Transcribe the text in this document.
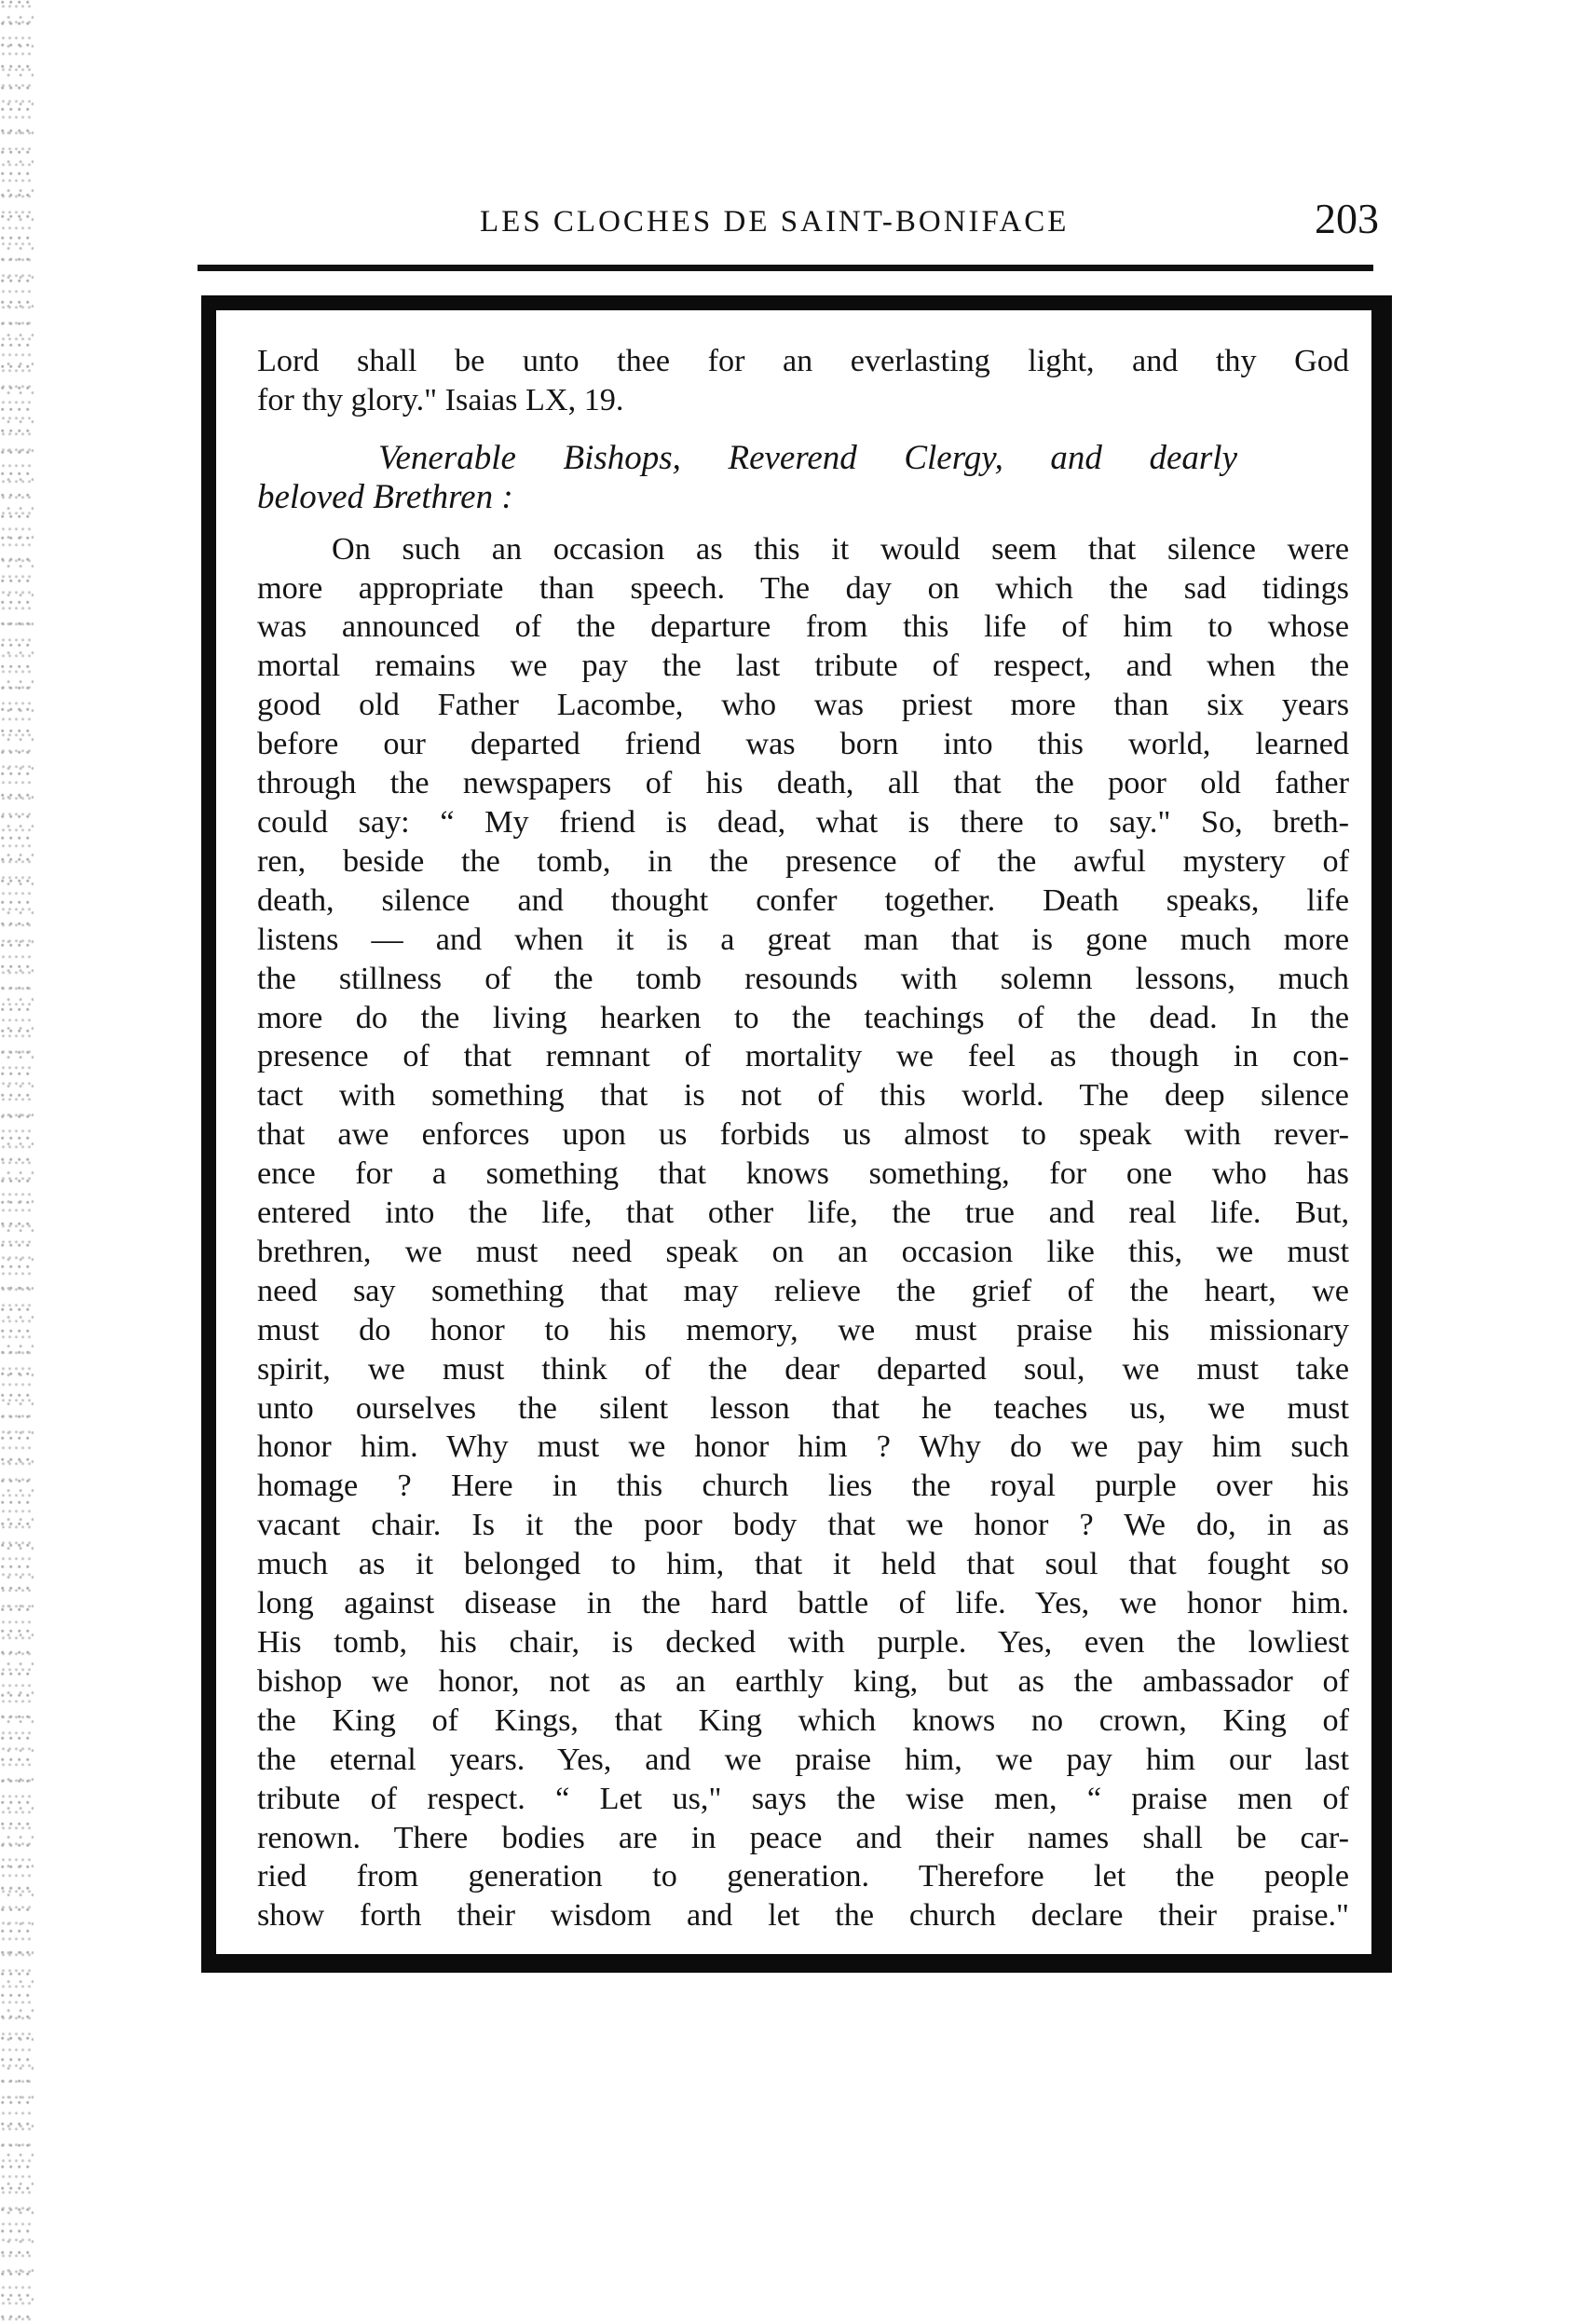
LES CLOCHES DE SAINT-BONIFACE	203
Lord shall be unto thee for an everlasting light, and thy God
for thy glory." Isaias LX, 19.
Venerable Bishops, Reverend Clergy, and dearly
beloved Brethren :
On such an occasion as this it would seem that silence were
more appropriate than speech. The day on which the sad tidings
was announced of the departure from this life of him to whose
mortal remains we pay the last tribute of respect, and when the
good old Father Lacombe, who was priest more than six years
before our departed friend was born into this world, learned
through the newspapers of his death, all that the poor old father
could say: “ My friend is dead, what is there to say." So, breth-
ren, beside the tomb, in the presence of the awful mystery of
death, silence and thought confer together. Death speaks, life
listens — and when it is a great man that is gone much more
the stillness of the tomb resounds with solemn lessons, much
more do the living hearken to the teachings of the dead. In the
presence of that remnant of mortality we feel as though in con-
tact with something that is not of this world. The deep silence
that awe enforces upon us forbids us almost to speak with rever-
ence for a something that knows something, for one who has
entered into the life, that other life, the true and real life. But,
brethren, we must need speak on an occasion like this, we must
need say something that may relieve the grief of the heart, we
must do honor to his memory, we must praise his missionary
spirit, we must think of the dear departed soul, we must take
unto ourselves the silent lesson that he teaches us, we must
honor him. Why must we honor him ? Why do we pay him such
homage ? Here in this church lies the royal purple over his
vacant chair. Is it the poor body that we honor ? We do, in as
much as it belonged to him, that it held that soul that fought so
long against disease in the hard battle of life. Yes, we honor him.
His tomb, his chair, is decked with purple. Yes, even the lowliest
bishop we honor, not as an earthly king, but as the ambassador of
the King of Kings, that King which knows no crown, King of
the eternal years. Yes, and we praise him, we pay him our last
tribute of respect. “ Let us," says the wise men, “ praise men of
renown. There bodies are in peace and their names shall be car-
ried from generation to generation. Therefore let the people
show forth their wisdom and let the church declare their praise."
